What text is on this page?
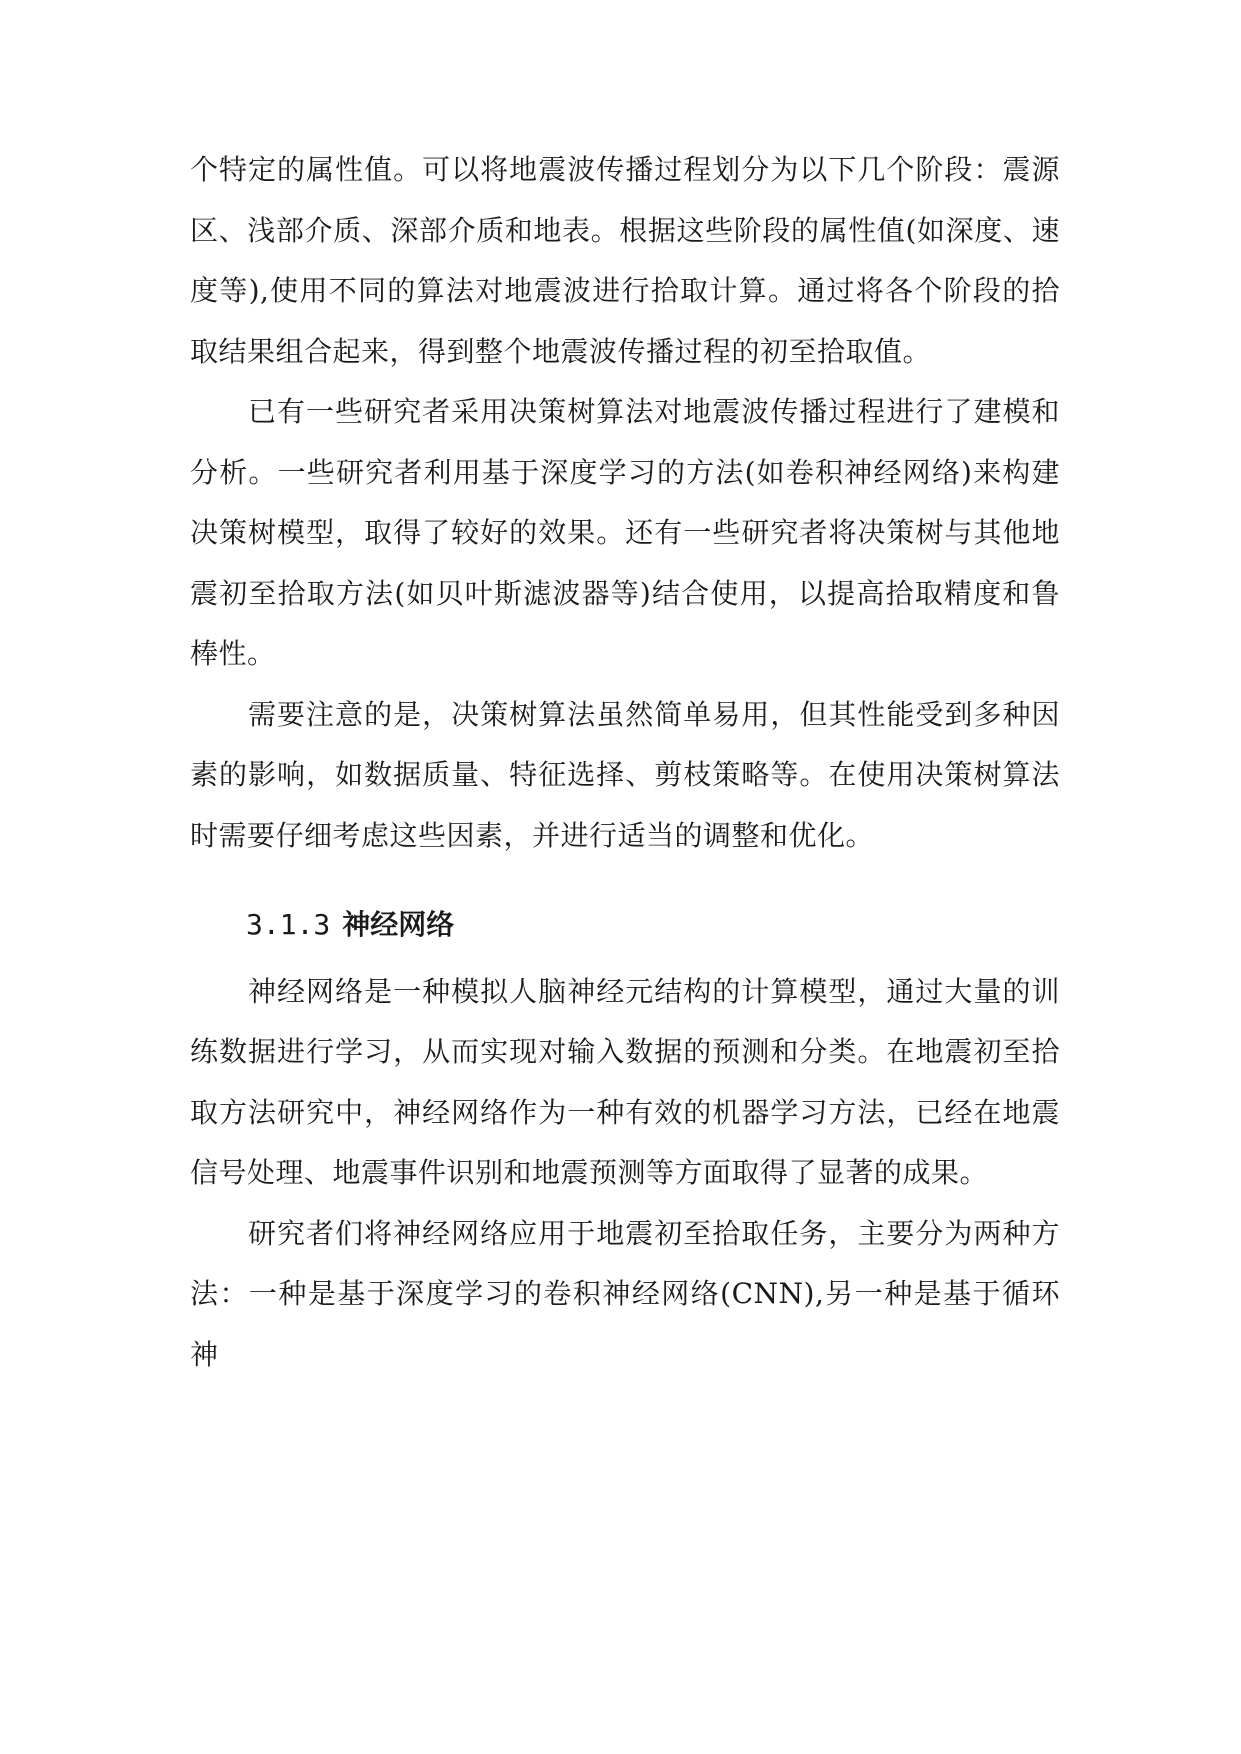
个特定的属性值。可以将地震波传播过程划分为以下几个阶段：震源区、浅部介质、深部介质和地表。根据这些阶段的属性值(如深度、速度等),使用不同的算法对地震波进行拾取计算。通过将各个阶段的拾取结果组合起来，得到整个地震波传播过程的初至拾取值。

已有一些研究者采用决策树算法对地震波传播过程进行了建模和分析。一些研究者利用基于深度学习的方法(如卷积神经网络)来构建决策树模型，取得了较好的效果。还有一些研究者将决策树与其他地震初至拾取方法(如贝叶斯滤波器等)结合使用，以提高拾取精度和鲁棒性。

需要注意的是，决策树算法虽然简单易用，但其性能受到多种因素的影响，如数据质量、特征选择、剪枝策略等。在使用决策树算法时需要仔细考虑这些因素，并进行适当的调整和优化。

3.1.3 神经网络

神经网络是一种模拟人脑神经元结构的计算模型，通过大量的训练数据进行学习，从而实现对输入数据的预测和分类。在地震初至拾取方法研究中，神经网络作为一种有效的机器学习方法，已经在地震信号处理、地震事件识别和地震预测等方面取得了显著的成果。

研究者们将神经网络应用于地震初至拾取任务，主要分为两种方法：一种是基于深度学习的卷积神经网络(CNN),另一种是基于循环神
